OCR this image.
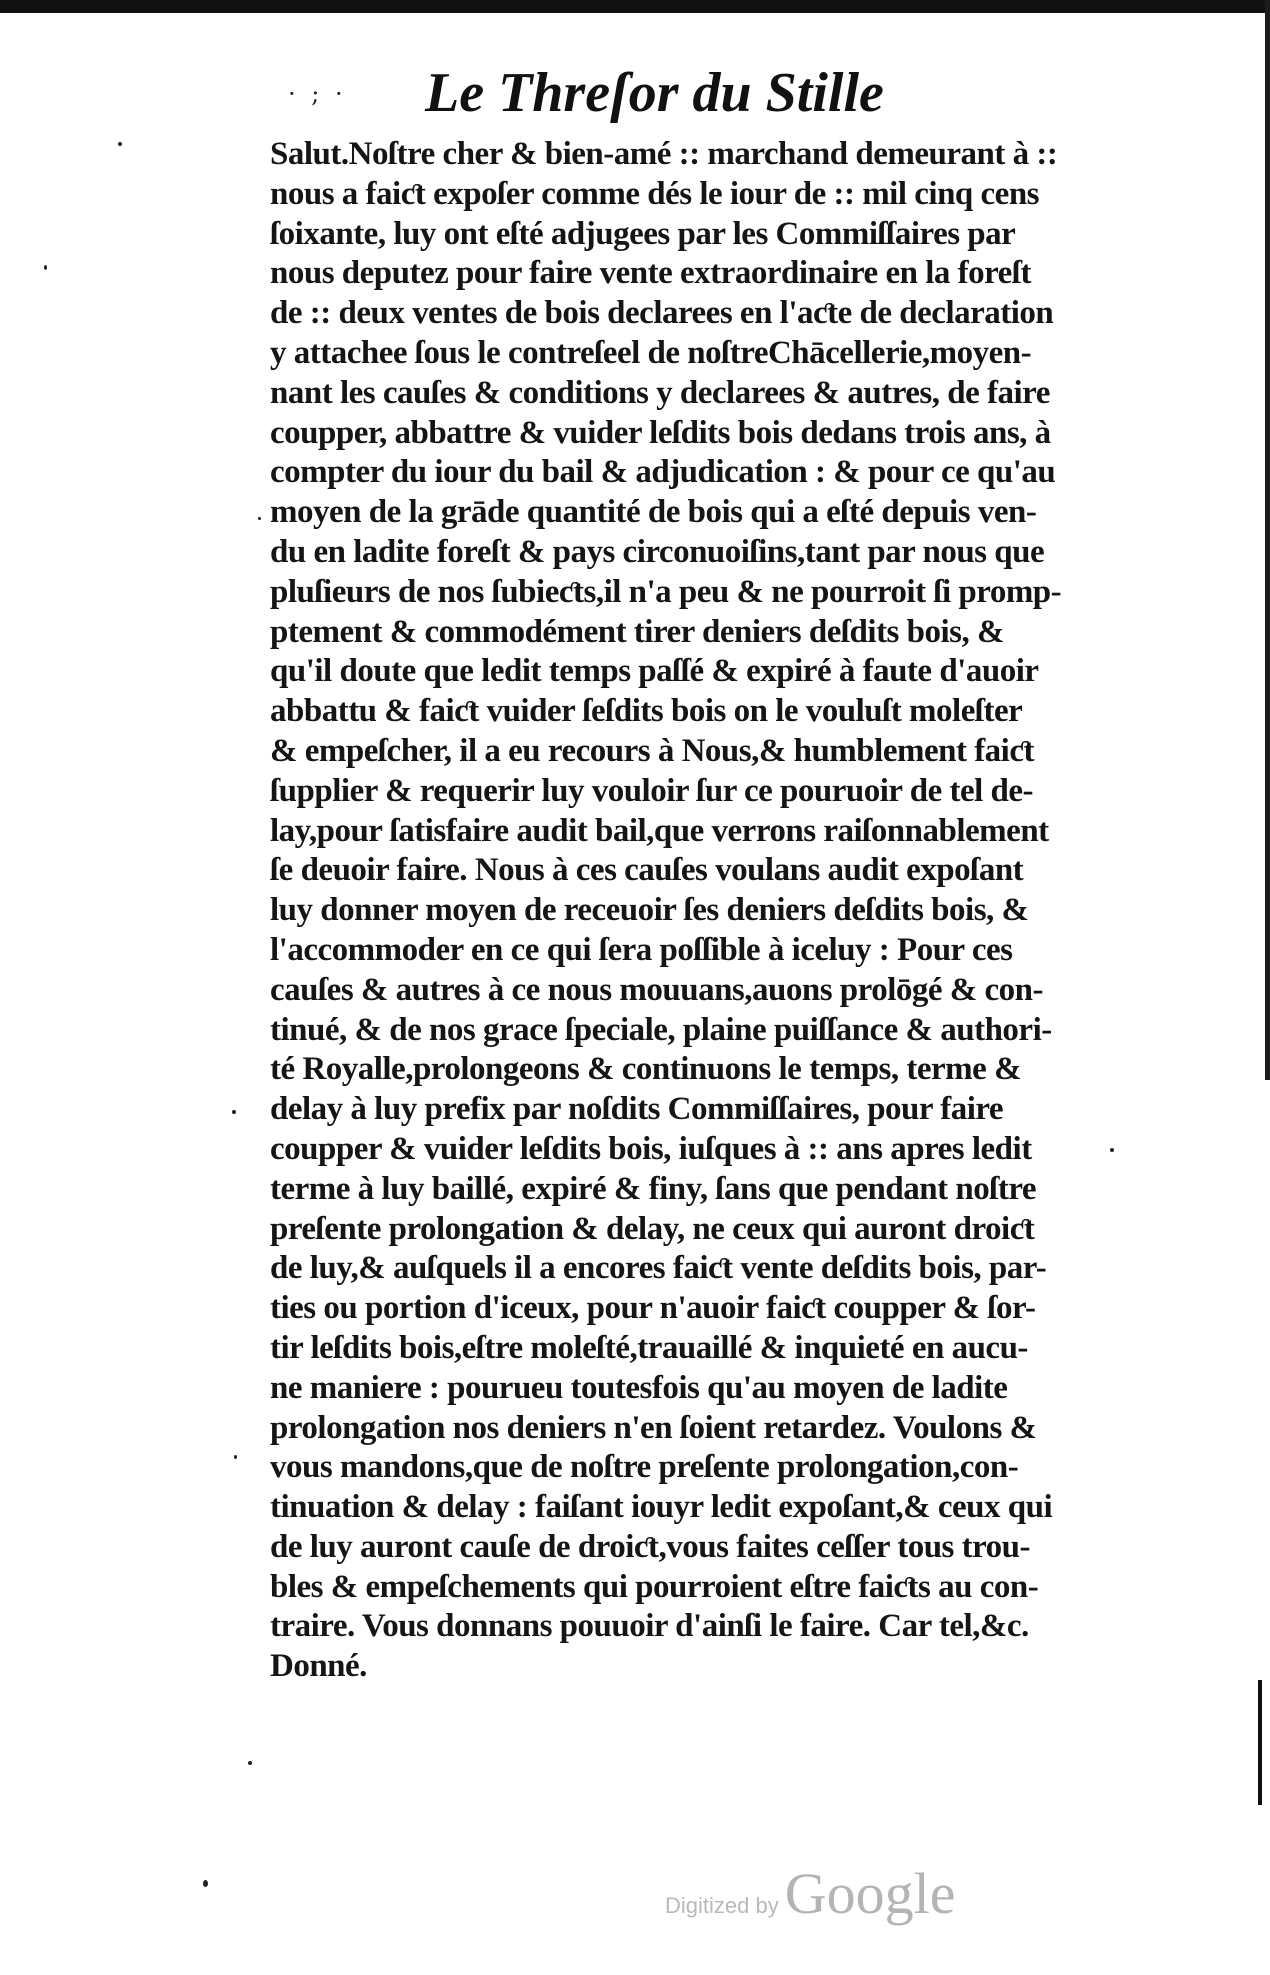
· ; · Le Threſor du Stille
Salut.Noſtre cher & bien-amé :: marchand demeurant à ::
nous a faiƈt expoſer comme dés le iour de :: mil cinq cens
ſoixante, luy ont eſté adjugees par les Commiſſaires par
nous deputez pour faire vente extraordinaire en la foreſt
de :: deux ventes de bois declarees en l'aƈte de declaration
y attachee ſous le contreſeel de noſtreChācellerie,moyen-
nant les cauſes & conditions y declarees & autres, de faire
coupper, abbattre & vuider leſdits bois dedans trois ans, à
compter du iour du bail & adjudication : & pour ce qu'au
moyen de la grāde quantité de bois qui a eſté depuis ven-
du en ladite foreſt & pays circonuoiſins,tant par nous que
pluſieurs de nos ſubieƈts,il n'a peu & ne pourroit ſi promp-
ptement & commodément tirer deniers deſdits bois, &
qu'il doute que ledit temps paſſé & expiré à faute d'auoir
abbattu & faiƈt vuider ſeſdits bois on le vouluſt moleſter
& empeſcher, il a eu recours à Nous,& humblement faiƈt
ſupplier & requerir luy vouloir ſur ce pouruoir de tel de-
lay,pour ſatisfaire audit bail,que verrons raiſonnablement
ſe deuoir faire. Nous à ces cauſes voulans audit expoſant
luy donner moyen de receuoir ſes deniers deſdits bois, &
l'accommoder en ce qui ſera poſſible à iceluy : Pour ces
cauſes & autres à ce nous mouuans,auons prolōgé & con-
tinué, & de nos grace ſpeciale, plaine puiſſance & authori-
té Royalle,prolongeons & continuons le temps, terme &
delay à luy prefix par noſdits Commiſſaires, pour faire
coupper & vuider leſdits bois, iuſques à :: ans apres ledit
terme à luy baillé, expiré & finy, ſans que pendant noſtre
preſente prolongation & delay, ne ceux qui auront droiƈt
de luy,& auſquels il a encores faiƈt vente deſdits bois, par-
ties ou portion d'iceux, pour n'auoir faiƈt coupper & ſor-
tir leſdits bois,eſtre moleſté,trauaillé & inquieté en aucu-
ne maniere : pourueu toutesfois qu'au moyen de ladite
prolongation nos deniers n'en ſoient retardez. Voulons &
vous mandons,que de noſtre preſente prolongation,con-
tinuation & delay : faiſant iouyr ledit expoſant,& ceux qui
de luy auront cauſe de droiƈt,vous faites ceſſer tous trou-
bles & empeſchements qui pourroient eſtre faiƈts au con-
traire. Vous donnans pouuoir d'ainſi le faire. Car tel,&c.
Donné.
Digitized by Google
